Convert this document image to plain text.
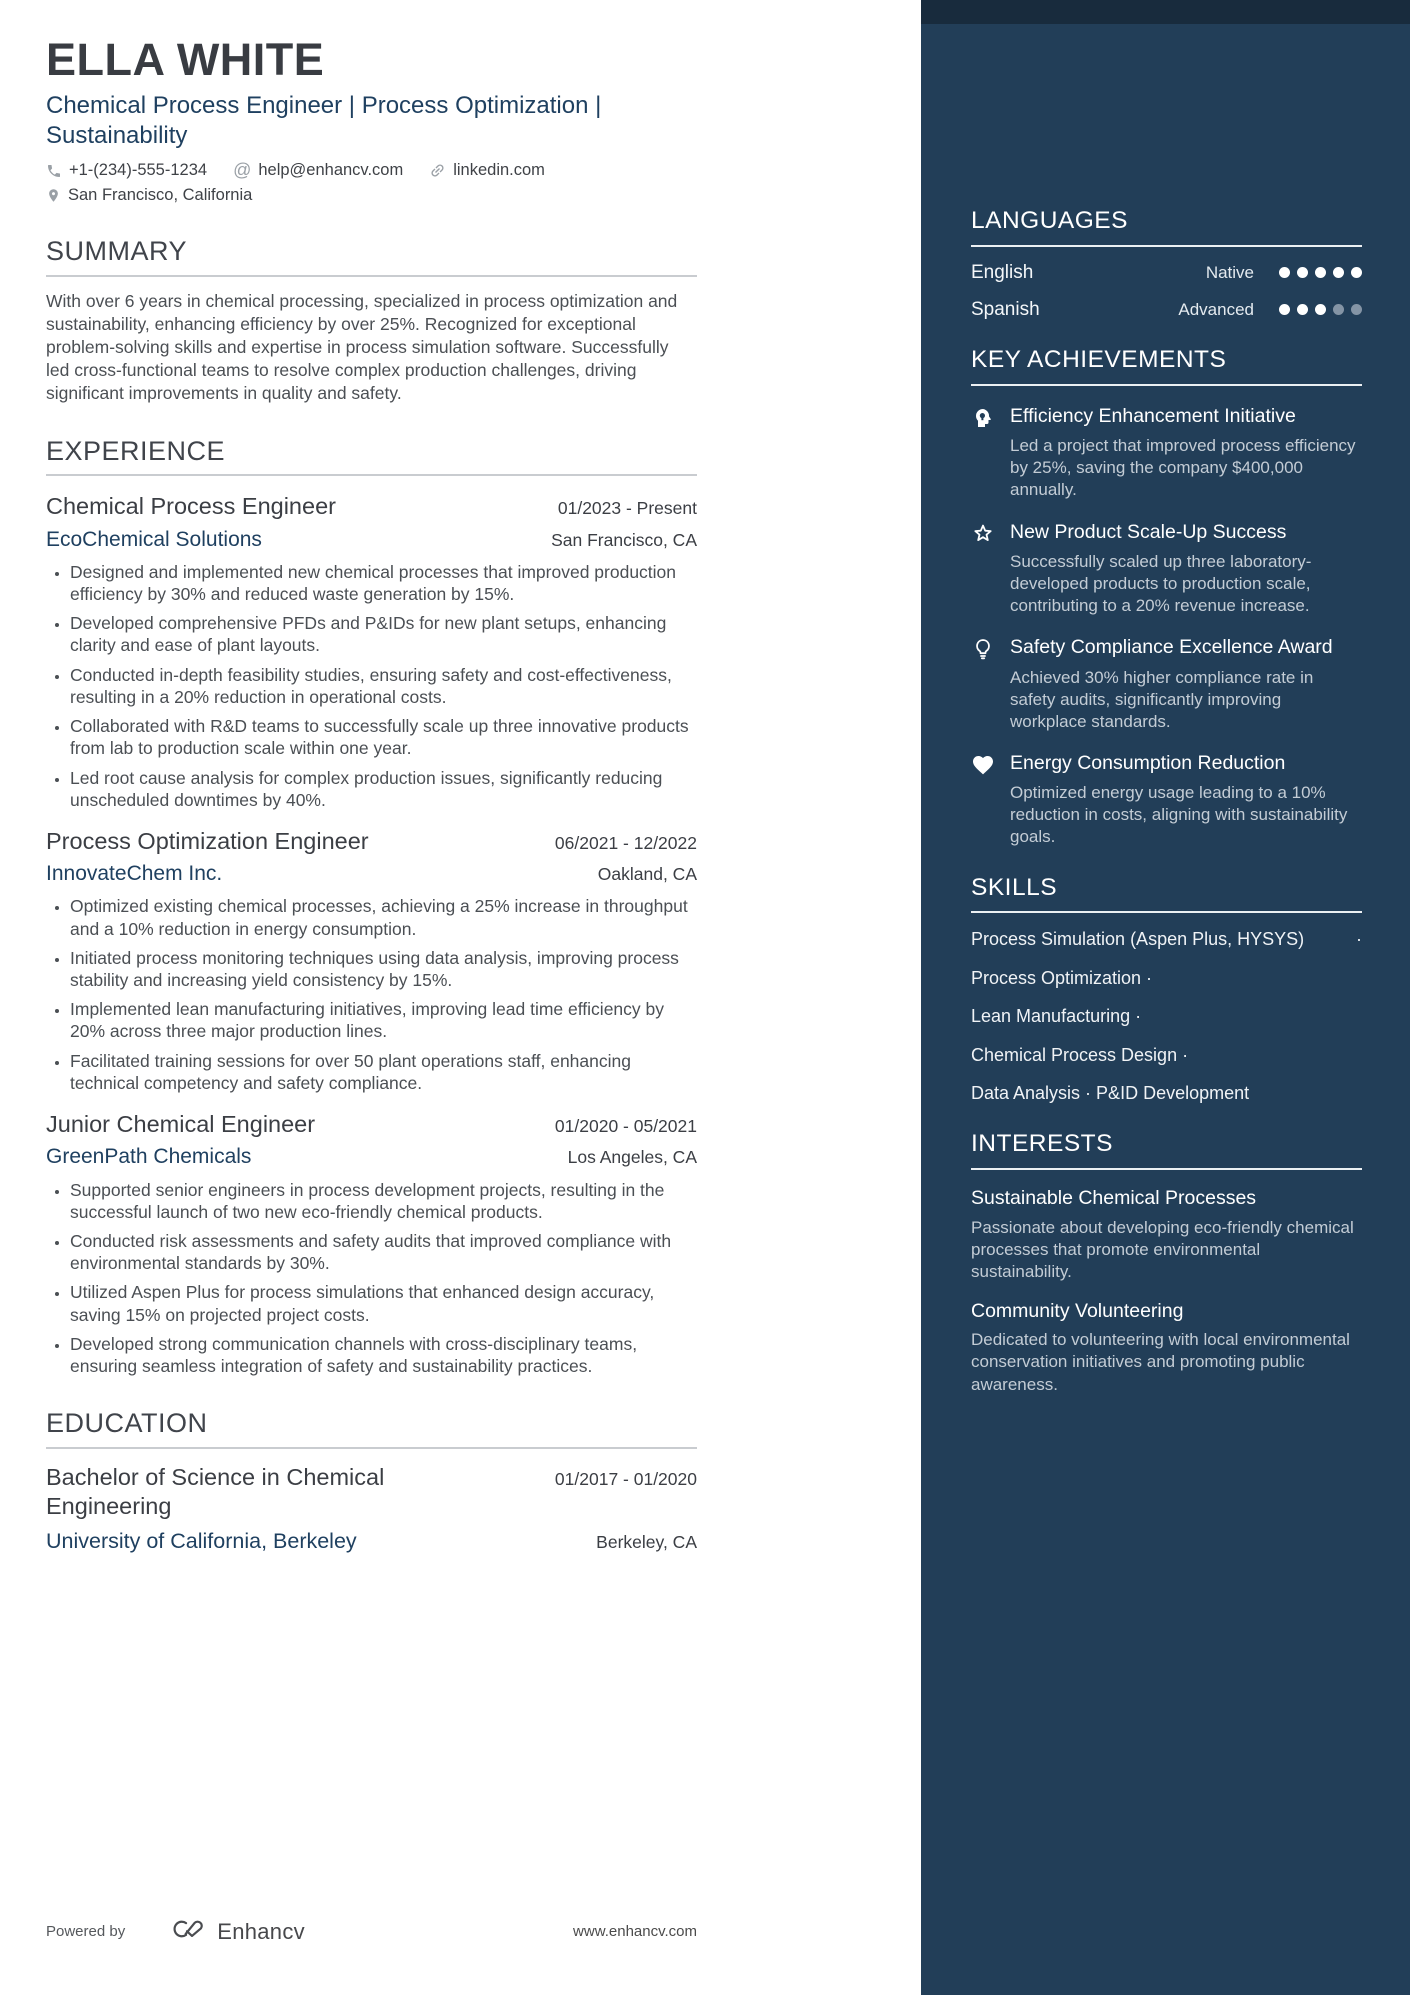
ELLA WHITE
Chemical Process Engineer | Process Optimization | Sustainability
+1-(234)-555-1234 @ help@enhancv.com	linkedin.com
San Francisco, California
SUMMARY

With over 6 years in chemical processing, specialized in process optimization and sustainability, enhancing efficiency by over 25%. Recognized for exceptional problem-solving skills and expertise in process simulation software. Successfully led cross-functional teams to resolve complex production challenges, driving significant improvements in quality and safety.

EXPERIENCE
Chemical Process Engineer	01/2023 - Present
EcoChemical Solutions	San Francisco, CA
• Designed and implemented new chemical processes that improved production efficiency by 30% and reduced waste generation by 15%.
• Developed comprehensive PFDs and P&IDs for new plant setups, enhancing clarity and ease of plant layouts.
• Conducted in-depth feasibility studies, ensuring safety and cost-effectiveness, resulting in a 20% reduction in operational costs.
• Collaborated with R&D teams to successfully scale up three innovative products from lab to production scale within one year.
• Led root cause analysis for complex production issues, significantly reducing unscheduled downtimes by 40%.
Process Optimization Engineer	06/2021 - 12/2022
InnovateChem Inc.	Oakland, CA
• Optimized existing chemical processes, achieving a 25% increase in throughput and a 10% reduction in energy consumption.
• Initiated process monitoring techniques using data analysis, improving process stability and increasing yield consistency by 15%.
• Implemented lean manufacturing initiatives, improving lead time efficiency by 20% across three major production lines.
• Facilitated training sessions for over 50 plant operations staff, enhancing technical competency and safety compliance.
Junior Chemical Engineer	01/2020 - 05/2021
GreenPath Chemicals	Los Angeles, CA
• Supported senior engineers in process development projects, resulting in the successful launch of two new eco-friendly chemical products.
• Conducted risk assessments and safety audits that improved compliance with environmental standards by 30%.
• Utilized Aspen Plus for process simulations that enhanced design accuracy, saving 15% on projected project costs.
• Developed strong communication channels with cross-disciplinary teams, ensuring seamless integration of safety and sustainability practices.
EDUCATION
Bachelor of Science in Chemical Engineering
01/2017 - 01/2020
University of California, Berkeley	Berkeley, CA
Powered by	Enhancv	www.enhancv.com
LANGUAGES
English	Native
Spanish	Advanced
KEY ACHIEVEMENTS
Efficiency Enhancement Initiative

Led a project that improved process efficiency by 25%, saving the company $400,000 annually.

New Product Scale-Up Success

Successfully scaled up three laboratory-developed products to production scale, contributing to a 20% revenue increase.

Safety Compliance Excellence Award

Achieved 30% higher compliance rate in safety audits, significantly improving workplace standards.

Energy Consumption Reduction

Optimized energy usage leading to a 10% reduction in costs, aligning with sustainability goals.

SKILLS
Process Simulation (Aspen Plus, HYSYS)	·
Process Optimization ·
Lean Manufacturing ·
Chemical Process Design ·
Data Analysis · P&ID Development
INTERESTS
Sustainable Chemical Processes

Passionate about developing eco-friendly chemical processes that promote environmental sustainability.

Community Volunteering

Dedicated to volunteering with local environmental conservation initiatives and promoting public awareness.
